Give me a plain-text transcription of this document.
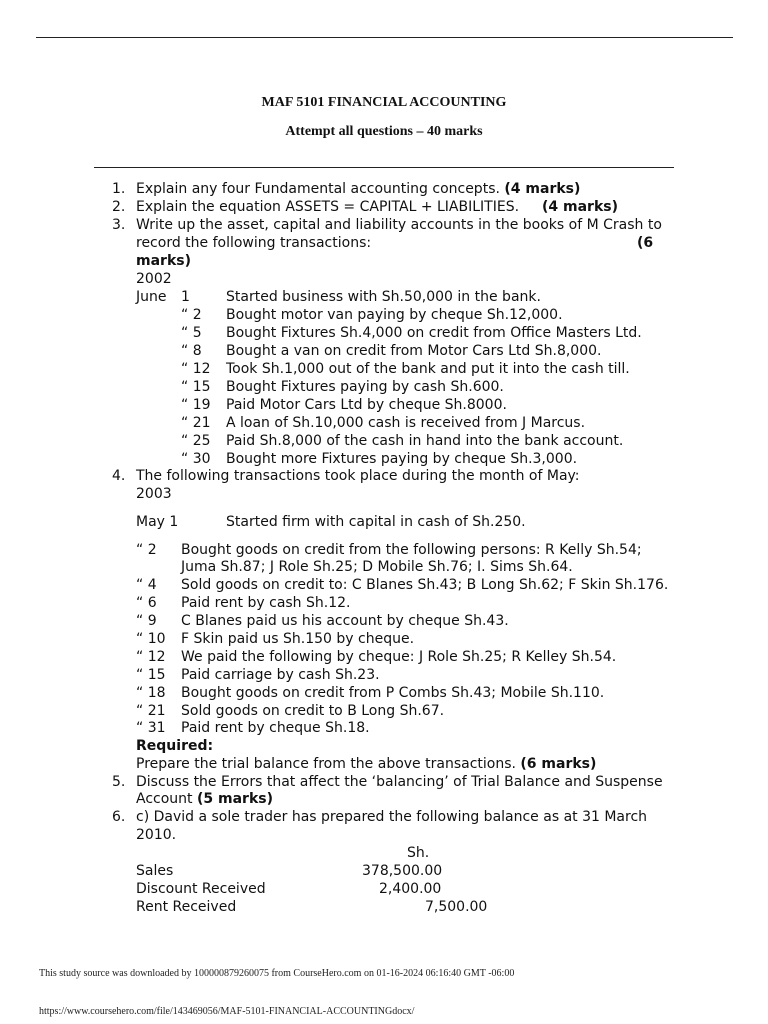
MAF 5101 FINANCIAL ACCOUNTING
Attempt all questions – 40 marks
1. Explain any four Fundamental accounting concepts. (4 marks)
2. Explain the equation ASSETS = CAPITAL + LIABILITIES. (4 marks)
3. Write up the asset, capital and liability accounts in the books of M Crash to
record the following transactions:	(6
marks)
2002
June 1	Started business with Sh.50,000 in the bank.
“ 2 Bought motor van paying by cheque Sh.12,000.
“ 5 Bought Fixtures Sh.4,000 on credit from Office Masters Ltd.
“ 8 Bought a van on credit from Motor Cars Ltd Sh.8,000.
“ 12 Took Sh.1,000 out of the bank and put it into the cash till.
“ 15 Bought Fixtures paying by cash Sh.600.
“ 19 Paid Motor Cars Ltd by cheque Sh.8000.
“ 21 A loan of Sh.10,000 cash is received from J Marcus.
“ 25 Paid Sh.8,000 of the cash in hand into the bank account.
“ 30 Bought more Fixtures paying by cheque Sh.3,000.
4. The following transactions took place during the month of May:
2003
May 1	Started firm with capital in cash of Sh.250.
“ 2 Bought goods on credit from the following persons: R Kelly Sh.54;
Juma Sh.87; J Role Sh.25; D Mobile Sh.76; I. Sims Sh.64.
“ 4 Sold goods on credit to: C Blanes Sh.43; B Long Sh.62; F Skin Sh.176.
“ 6 Paid rent by cash Sh.12.
“ 9 C Blanes paid us his account by cheque Sh.43.
“ 10 F Skin paid us Sh.150 by cheque.
“ 12 We paid the following by cheque: J Role Sh.25; R Kelley Sh.54.
“ 15 Paid carriage by cash Sh.23.
“ 18 Bought goods on credit from P Combs Sh.43; Mobile Sh.110.
“ 21 Sold goods on credit to B Long Sh.67.
“ 31 Paid rent by cheque Sh.18.
Required:
Prepare the trial balance from the above transactions. (6 marks)
5. Discuss the Errors that affect the ‘balancing’ of Trial Balance and Suspense
Account (5 marks)
6. c) David a sole trader has prepared the following balance as at 31 March
2010.
Sh.
Sales	378,500.00
Discount Received	2,400.00
Rent Received	7,500.00
This study source was downloaded by 100000879260075 from CourseHero.com on 01-16-2024 06:16:40 GMT -06:00
https://www.coursehero.com/file/143469056/MAF-5101-FINANCIAL-ACCOUNTINGdocx/
